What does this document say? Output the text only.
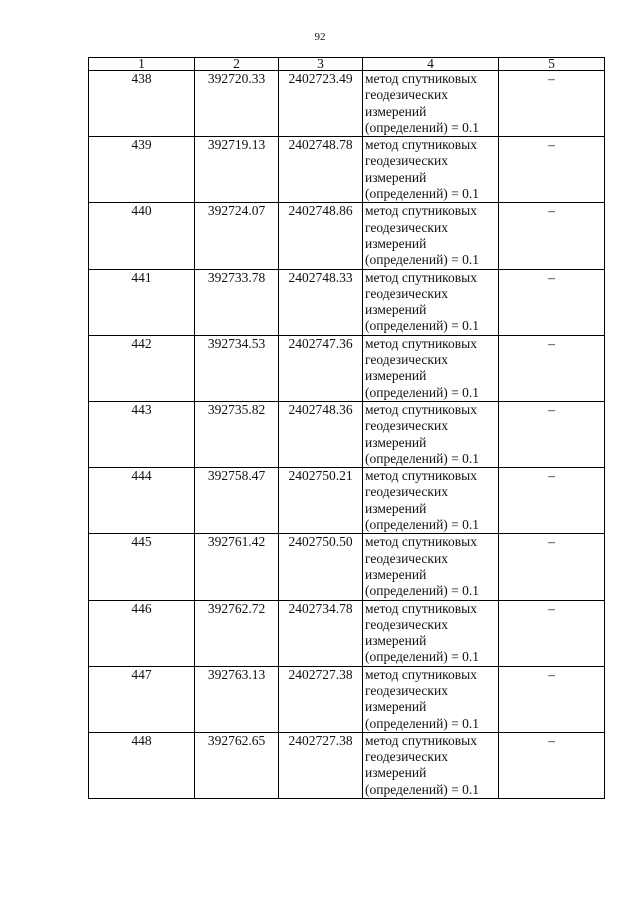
92
1	2	3	4	5
438	392720.33	2402723.49	метод спутниковых
геодезических
измерений
(определений) = 0.1	–
439	392719.13	2402748.78	метод спутниковых
геодезических
измерений
(определений) = 0.1	–
440	392724.07	2402748.86	метод спутниковых
геодезических
измерений
(определений) = 0.1	–
441	392733.78	2402748.33	метод спутниковых
геодезических
измерений
(определений) = 0.1	–
442	392734.53	2402747.36	метод спутниковых
геодезических
измерений
(определений) = 0.1	–
443	392735.82	2402748.36	метод спутниковых
геодезических
измерений
(определений) = 0.1	–
444	392758.47	2402750.21	метод спутниковых
геодезических
измерений
(определений) = 0.1	–
445	392761.42	2402750.50	метод спутниковых
геодезических
измерений
(определений) = 0.1	–
446	392762.72	2402734.78	метод спутниковых
геодезических
измерений
(определений) = 0.1	–
447	392763.13	2402727.38	метод спутниковых
геодезических
измерений
(определений) = 0.1	–
448	392762.65	2402727.38	метод спутниковых
геодезических
измерений
(определений) = 0.1	–
